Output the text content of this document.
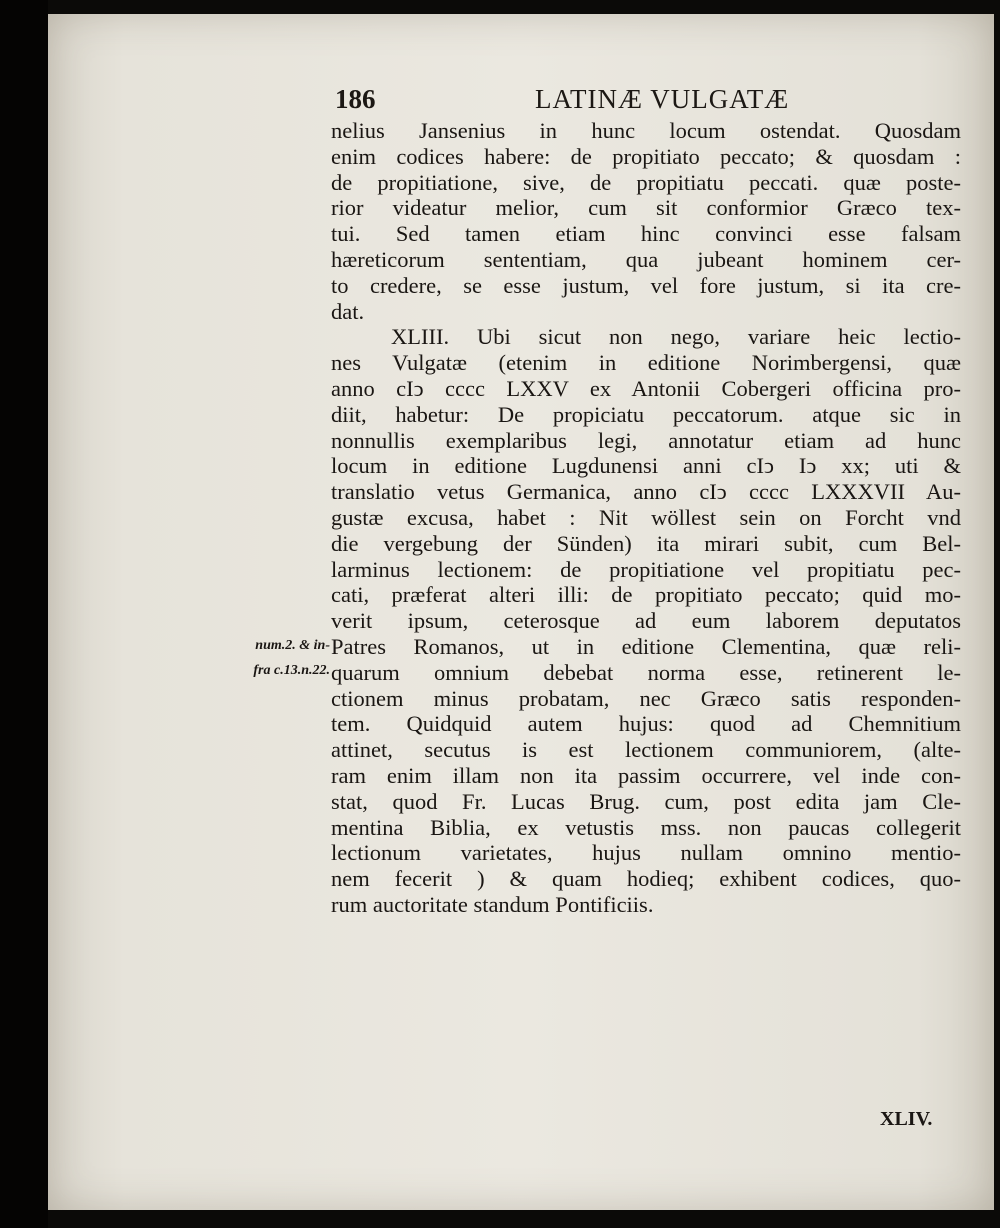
186	LATINÆ VULGATÆ
nelius Jansenius in hunc locum ostendat. Quosdam
enim codices habere: de propitiato peccato; & quosdam :
de propitiatione, sive, de propitiatu peccati. quæ poste-
rior videatur melior, cum sit conformior Græco tex-
tui. Sed tamen etiam hinc convinci esse falsam
hæreticorum sententiam, qua jubeant hominem cer-
to credere, se esse justum, vel fore justum, si ita cre-
dat.
XLIII. Ubi sicut non nego, variare heic lectio-
nes Vulgatæ (etenim in editione Norimbergensi, quæ
anno cIↄ cccc LXXV ex Antonii Cobergeri officina pro-
diit, habetur: De propiciatu peccatorum. atque sic in
nonnullis exemplaribus legi, annotatur etiam ad hunc
locum in editione Lugdunensi anni cIↄ Iↄ xx; uti &
translatio vetus Germanica, anno cIↄ cccc LXXXVII Au-
gustæ excusa, habet : Nit wöllest sein on Forcht vnd
die vergebung der Sünden) ita mirari subit, cum Bel-
larminus lectionem: de propitiatione vel propitiatu pec-
cati, præferat alteri illi: de propitiato peccato; quid mo-
verit ipsum, ceterosque ad eum laborem deputatos
Patres Romanos, ut in editione Clementina, quæ reli-
quarum omnium debebat norma esse, retinerent le-
ctionem minus probatam, nec Græco satis responden-
tem. Quidquid autem hujus: quod ad Chemnitium
attinet, secutus is est lectionem communiorem, (alte-
ram enim illam non ita passim occurrere, vel inde con-
stat, quod Fr. Lucas Brug. cum, post edita jam Cle-
mentina Biblia, ex vetustis mss. non paucas collegerit
lectionum varietates, hujus nullam omnino mentio-
nem fecerit ) & quam hodieq; exhibent codices, quo-
rum auctoritate standum Pontificiis.
num.2. & in-
fra c.13.n.22.
XLIV.
